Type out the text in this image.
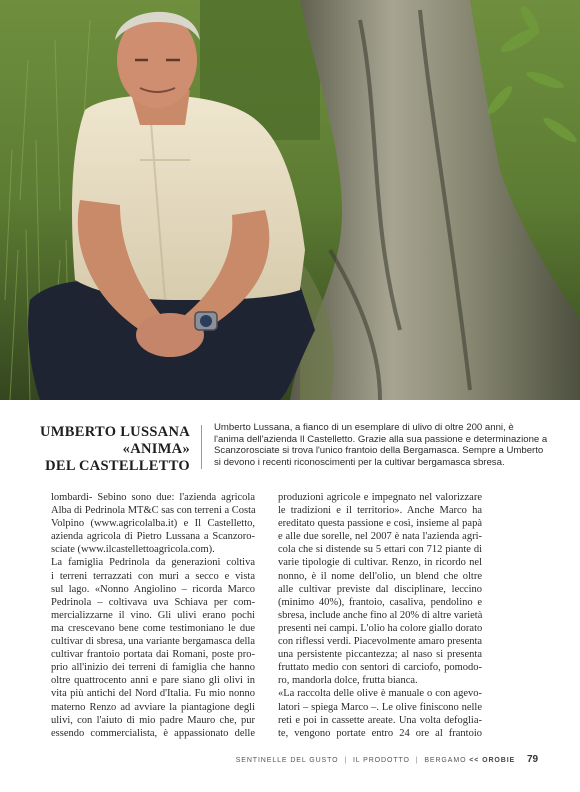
UMBERTO LUSSANA
«ANIMA»
DEL CASTELLETTO
Umberto Lussana, a fianco di un esemplare di ulivo di oltre 200 anni, è
l'anima dell'azienda Il Castelletto. Grazie alla sua passione e determinazione a
Scanzorosciate si trova l'unico frantoio della Bergamasca. Sempre a Umberto
si devono i recenti riconoscimenti per la cultivar bergamasca sbresa.
lombardi- Sebino sono due: l'azienda agricola
Alba di Pedrinola MT&C sas con terreni a Costa
Volpino (www.agricolalba.it) e Il Castelletto,
azienda agricola di Pietro Lussana a Scanzoro-
sciate (www.ilcastellettoagricola.com).
La famiglia Pedrinola da generazioni coltiva
i terreni terrazzati con muri a secco e vista
sul lago. «Nonno Angiolino – ricorda Marco
Pedrinola – coltivava uva Schiava per com-
mercializzarne il vino. Gli ulivi erano pochi
ma crescevano bene come testimoniano le due
cultivar di sbresa, una variante bergamasca della
cultivar frantoio portata dai Romani, poste pro-
prio all'inizio dei terreni di famiglia che hanno
oltre quattrocento anni e pare siano gli olivi in
vita più antichi del Nord d'Italia. Fu mio nonno
materno Renzo ad avviare la piantagione degli
ulivi, con l'aiuto di mio padre Mauro che, pur
essendo commercialista, è appassionato delle
produzioni agricole e impegnato nel valorizzare
le tradizioni e il territorio». Anche Marco ha
ereditato questa passione e così, insieme al papà
e alle due sorelle, nel 2007 è nata l'azienda agri-
cola che si distende su 5 ettari con 712 piante di
varie tipologie di cultivar. Renzo, in ricordo nel
nonno, è il nome dell'olio, un blend che oltre
alle cultivar previste dal disciplinare, leccino
(minimo 40%), frantoio, casaliva, pendolino e
sbresa, include anche fino al 20% di altre varietà
presenti nei campi. L'olio ha colore giallo dorato
con riflessi verdi. Piacevolmente amaro presenta
una persistente piccantezza; al naso si presenta
fruttato medio con sentori di carciofo, pomodo-
ro, mandorla dolce, frutta bianca.
«La raccolta delle olive è manuale o con agevo-
latori – spiega Marco –. Le olive finiscono nelle
reti e poi in cassette areate. Una volta defoglia-
te, vengono portate entro 24 ore al frantoio
SENTINELLE DEL GUSTO | IL PRODOTTO | BERGAMO << OROBIE	79
